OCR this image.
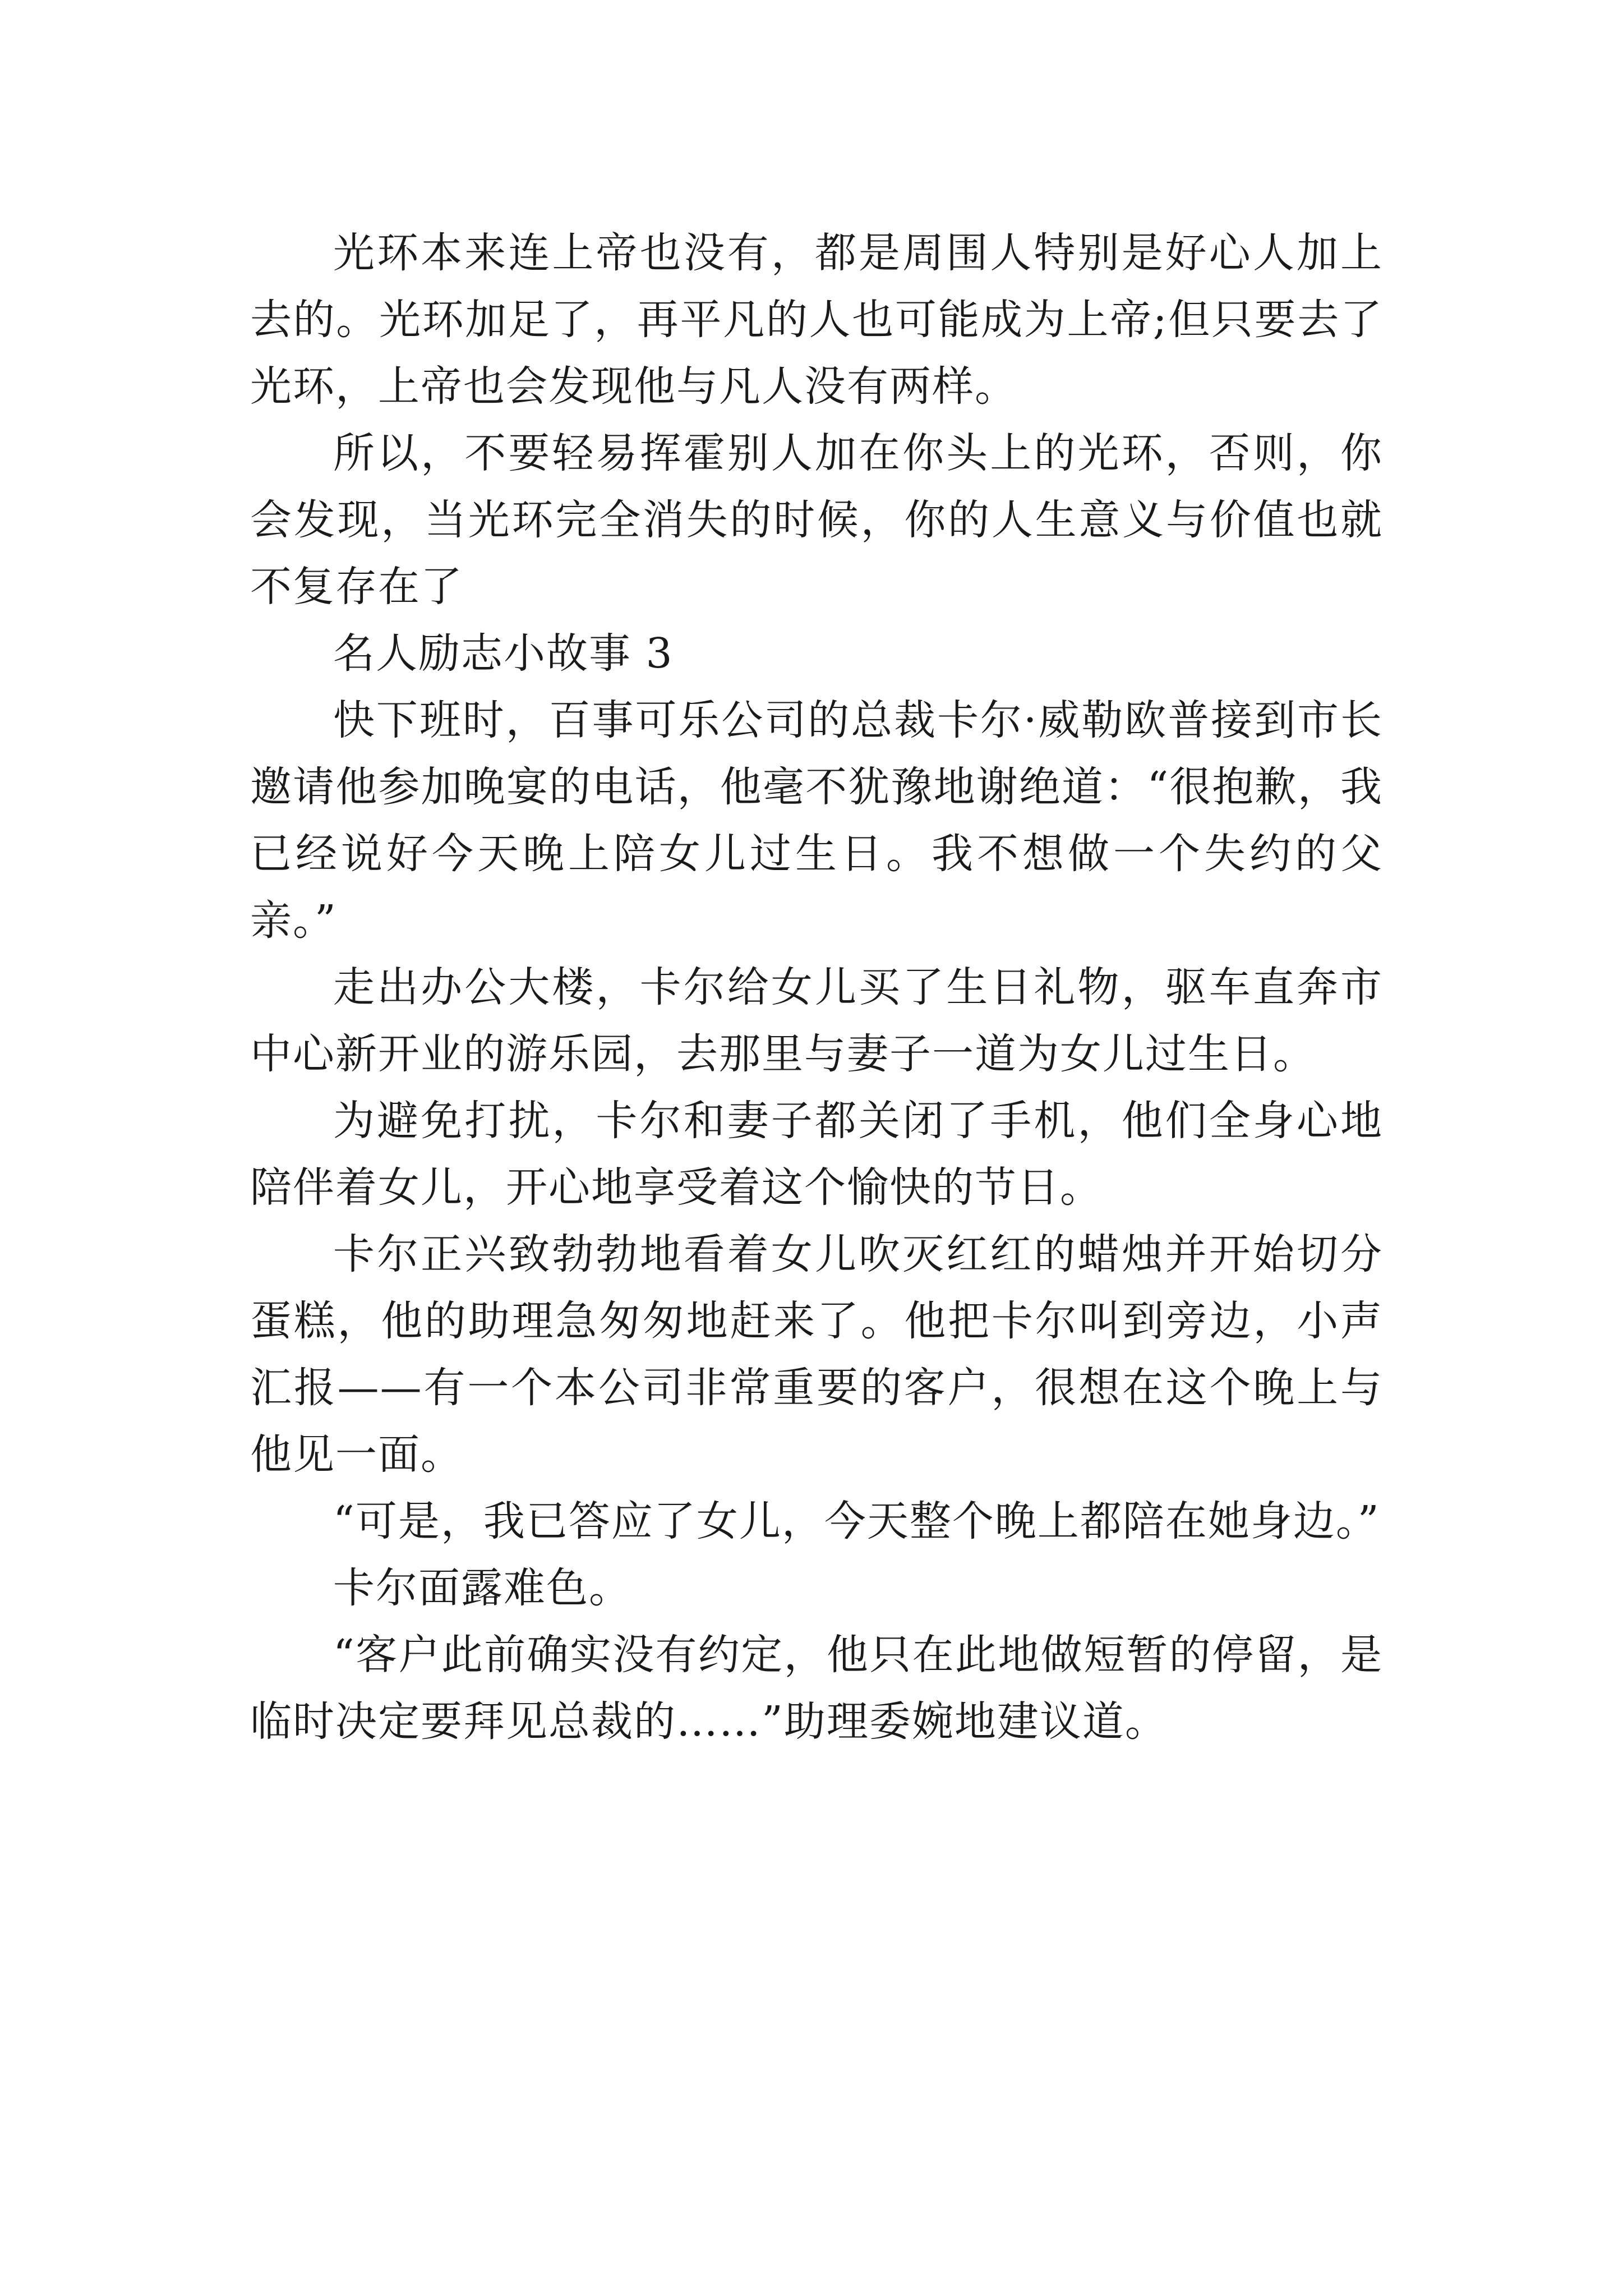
光环本来连上帝也没有，都是周围人特别是好心人加上去的。光环加足了，再平凡的人也可能成为上帝;但只要去了光环，上帝也会发现他与凡人没有两样。

所以，不要轻易挥霍别人加在你头上的光环，否则，你会发现，当光环完全消失的时候，你的人生意义与价值也就不复存在了

名人励志小故事 3

快下班时，百事可乐公司的总裁卡尔·威勒欧普接到市长邀请他参加晚宴的电话，他毫不犹豫地谢绝道：“很抱歉，我已经说好今天晚上陪女儿过生日。我不想做一个失约的父亲。”

走出办公大楼，卡尔给女儿买了生日礼物，驱车直奔市中心新开业的游乐园，去那里与妻子一道为女儿过生日。

为避免打扰，卡尔和妻子都关闭了手机，他们全身心地陪伴着女儿，开心地享受着这个愉快的节日。

卡尔正兴致勃勃地看着女儿吹灭红红的蜡烛并开始切分蛋糕，他的助理急匆匆地赶来了。他把卡尔叫到旁边，小声汇报——有一个本公司非常重要的客户，很想在这个晚上与他见一面。

“可是，我已答应了女儿，今天整个晚上都陪在她身边。”

卡尔面露难色。

“客户此前确实没有约定，他只在此地做短暂的停留，是临时决定要拜见总裁的……”助理委婉地建议道。
